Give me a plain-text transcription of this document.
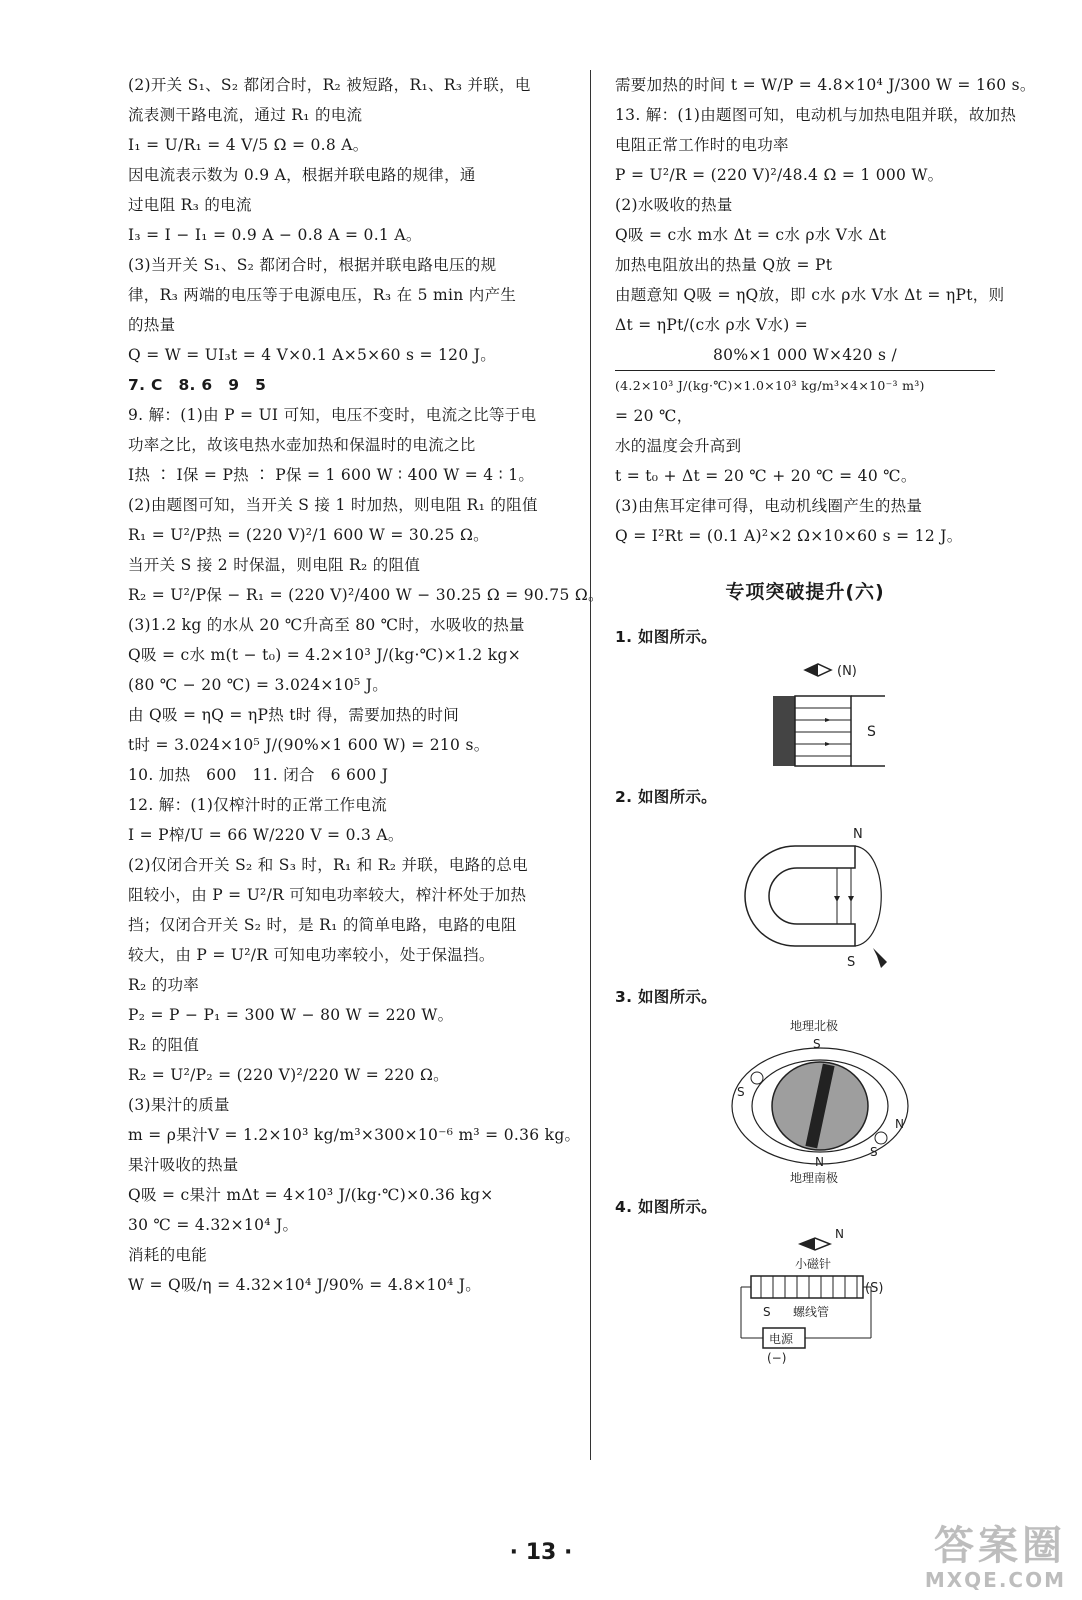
(2)开关 S₁、S₂ 都闭合时，R₂ 被短路，R₁、R₃ 并联，电
流表测干路电流，通过 R₁ 的电流
I₁ = U/R₁ = 4 V/5 Ω = 0.8 A。
因电流表示数为 0.9 A，根据并联电路的规律，通
过电阻 R₃ 的电流
I₃ = I − I₁ = 0.9 A − 0.8 A = 0.1 A。
(3)当开关 S₁、S₂ 都闭合时，根据并联电路电压的规
律，R₃ 两端的电压等于电源电压，R₃ 在 5 min 内产生
的热量
Q = W = UI₃t = 4 V×0.1 A×5×60 s = 120 J。
7. C　8. 6　9　5
9. 解：(1)由 P = UI 可知，电压不变时，电流之比等于电
功率之比，故该电热水壶加热和保温时的电流之比
I热 ∶ I保 = P热 ∶ P保 = 1 600 W ∶ 400 W = 4 ∶ 1。
(2)由题图可知，当开关 S 接 1 时加热，则电阻 R₁ 的阻值
R₁ = U²/P热 = (220 V)²/1 600 W = 30.25 Ω。
当开关 S 接 2 时保温，则电阻 R₂ 的阻值
R₂ = U²/P保 − R₁ = (220 V)²/400 W − 30.25 Ω = 90.75 Ω。
(3)1.2 kg 的水从 20 ℃升高至 80 ℃时，水吸收的热量
Q吸 = c水 m(t − t₀) = 4.2×10³ J/(kg·℃)×1.2 kg×
(80 ℃ − 20 ℃) = 3.024×10⁵ J。
由 Q吸 = ηQ = ηP热 t时 得，需要加热的时间
t时 = 3.024×10⁵ J/(90%×1 600 W) = 210 s。
10. 加热　600　11. 闭合　6 600 J
12. 解：(1)仅榨汁时的正常工作电流
I = P榨/U = 66 W/220 V = 0.3 A。
(2)仅闭合开关 S₂ 和 S₃ 时，R₁ 和 R₂ 并联，电路的总电
阻较小，由 P = U²/R 可知电功率较大，榨汁杯处于加热
挡；仅闭合开关 S₂ 时，是 R₁ 的简单电路，电路的电阻
较大，由 P = U²/R 可知电功率较小，处于保温挡。
R₂ 的功率
P₂ = P − P₁ = 300 W − 80 W = 220 W。
R₂ 的阻值
R₂ = U²/P₂ = (220 V)²/220 W = 220 Ω。
(3)果汁的质量
m = ρ果汁V = 1.2×10³ kg/m³×300×10⁻⁶ m³ = 0.36 kg。
果汁吸收的热量
Q吸 = c果汁 mΔt = 4×10³ J/(kg·℃)×0.36 kg×
30 ℃ = 4.32×10⁴ J。
消耗的电能
W = Q吸/η = 4.32×10⁴ J/90% = 4.8×10⁴ J。
需要加热的时间 t = W/P = 4.8×10⁴ J/300 W = 160 s。
13. 解：(1)由题图可知，电动机与加热电阻并联，故加热
电阻正常工作时的电功率
P = U²/R = (220 V)²/48.4 Ω = 1 000 W。
(2)水吸收的热量
Q吸 = c水 m水 Δt = c水 ρ水 V水 Δt
加热电阻放出的热量 Q放 = Pt
由题意知 Q吸 = ηQ放，即 c水 ρ水 V水 Δt = ηPt，则
Δt = ηPt/(c水 ρ水 V水) =
80%×1 000 W×420 s /
(4.2×10³ J/(kg·℃)×1.0×10³ kg/m³×4×10⁻³ m³)
= 20 ℃，
水的温度会升高到
t = t₀ + Δt = 20 ℃ + 20 ℃ = 40 ℃。
(3)由焦耳定律可得，电动机线圈产生的热量
Q = I²Rt = (0.1 A)²×2 Ω×10×60 s = 12 J。
专项突破提升(六)
1. 如图所示。
(N)
S
2. 如图所示。
N
S
3. 如图所示。
地理北极
S
S
N
S
N
地理南极
4. 如图所示。
N
小磁针
(S)
螺线管
S
电源
(−)
· 13 ·	答案圈
MXQE.COM
